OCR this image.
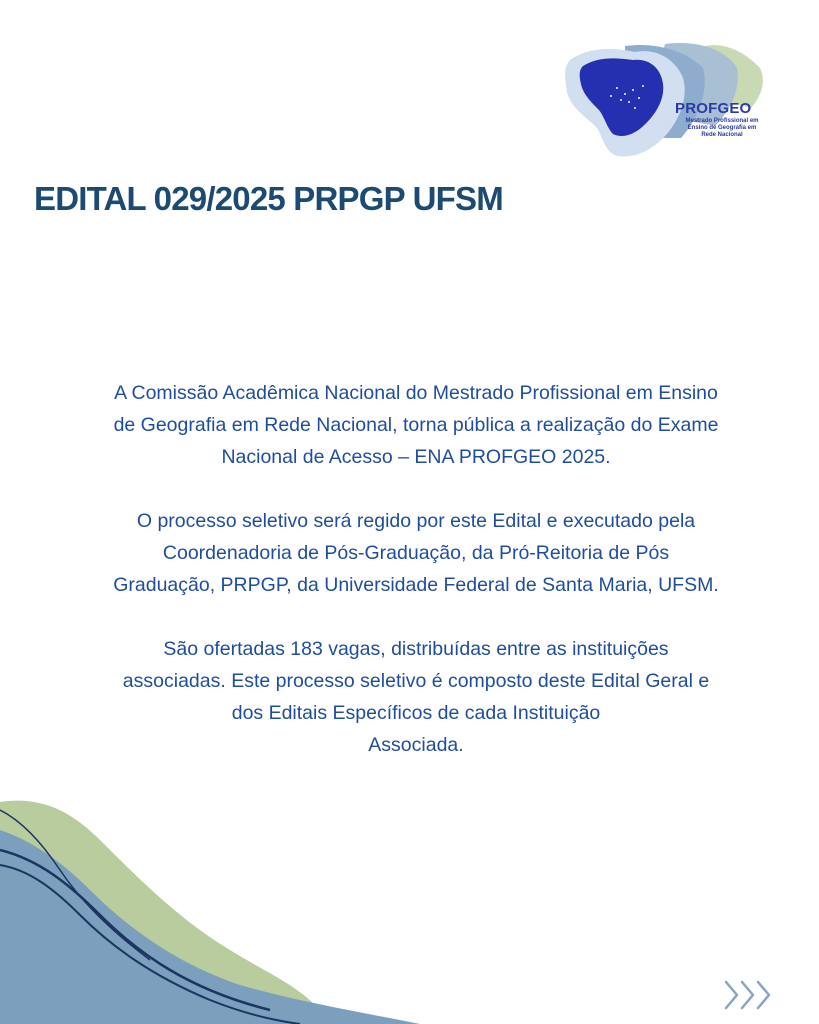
PROFGEO
Mestrado Profissional em
Ensino de Geografia em
Rede Nacional
EDITAL 029/2025 PRPGP UFSM

A Comissão Acadêmica Nacional do Mestrado Profissional em Ensino
de Geografia em Rede Nacional, torna pública a realização do Exame
Nacional de Acesso – ENA PROFGEO 2025.

O processo seletivo será regido por este Edital e executado pela
Coordenadoria de Pós-Graduação, da Pró-Reitoria de Pós
Graduação, PRPGP, da Universidade Federal de Santa Maria, UFSM.

São ofertadas 183 vagas, distribuídas entre as instituições
associadas. Este processo seletivo é composto deste Edital Geral e
dos Editais Específicos de cada Instituição
Associada.
